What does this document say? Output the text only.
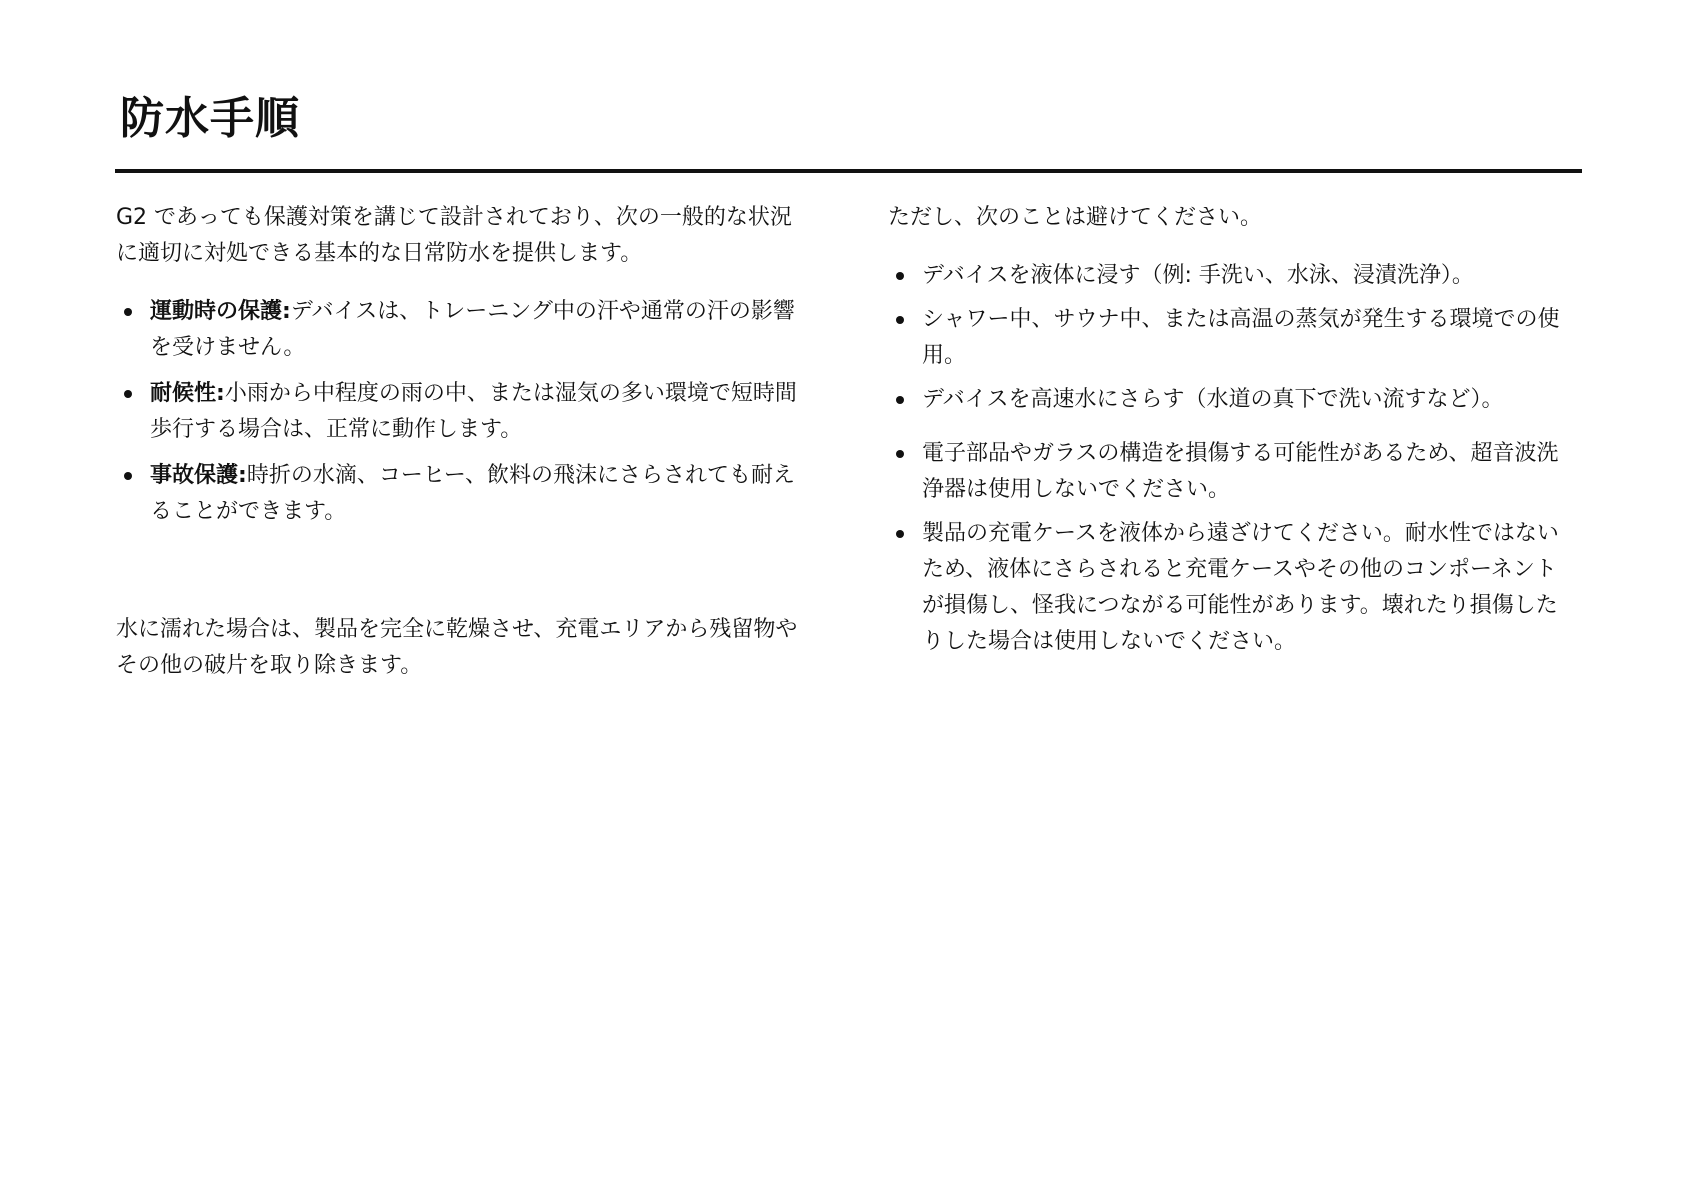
防水手順

G2 であっても保護対策を講じて設計されており、次の一般的な状況に適切に対処できる基本的な日常防水を提供します。

運動時の保護:デバイスは、トレーニング中の汗や通常の汗の影響を受けません。
耐候性:小雨から中程度の雨の中、または湿気の多い環境で短時間歩行する場合は、正常に動作します。
事故保護:時折の水滴、コーヒー、飲料の飛沫にさらされても耐えることができます。

水に濡れた場合は、製品を完全に乾燥させ、充電エリアから残留物やその他の破片を取り除きます。

ただし、次のことは避けてください。

デバイスを液体に浸す（例: 手洗い、水泳、浸漬洗浄）。
シャワー中、サウナ中、または高温の蒸気が発生する環境での使用。
デバイスを高速水にさらす（水道の真下で洗い流すなど）。
電子部品やガラスの構造を損傷する可能性があるため、超音波洗浄器は使用しないでください。
製品の充電ケースを液体から遠ざけてください。耐水性ではないため、液体にさらされると充電ケースやその他のコンポーネントが損傷し、怪我につながる可能性があります。壊れたり損傷したりした場合は使用しないでください。
